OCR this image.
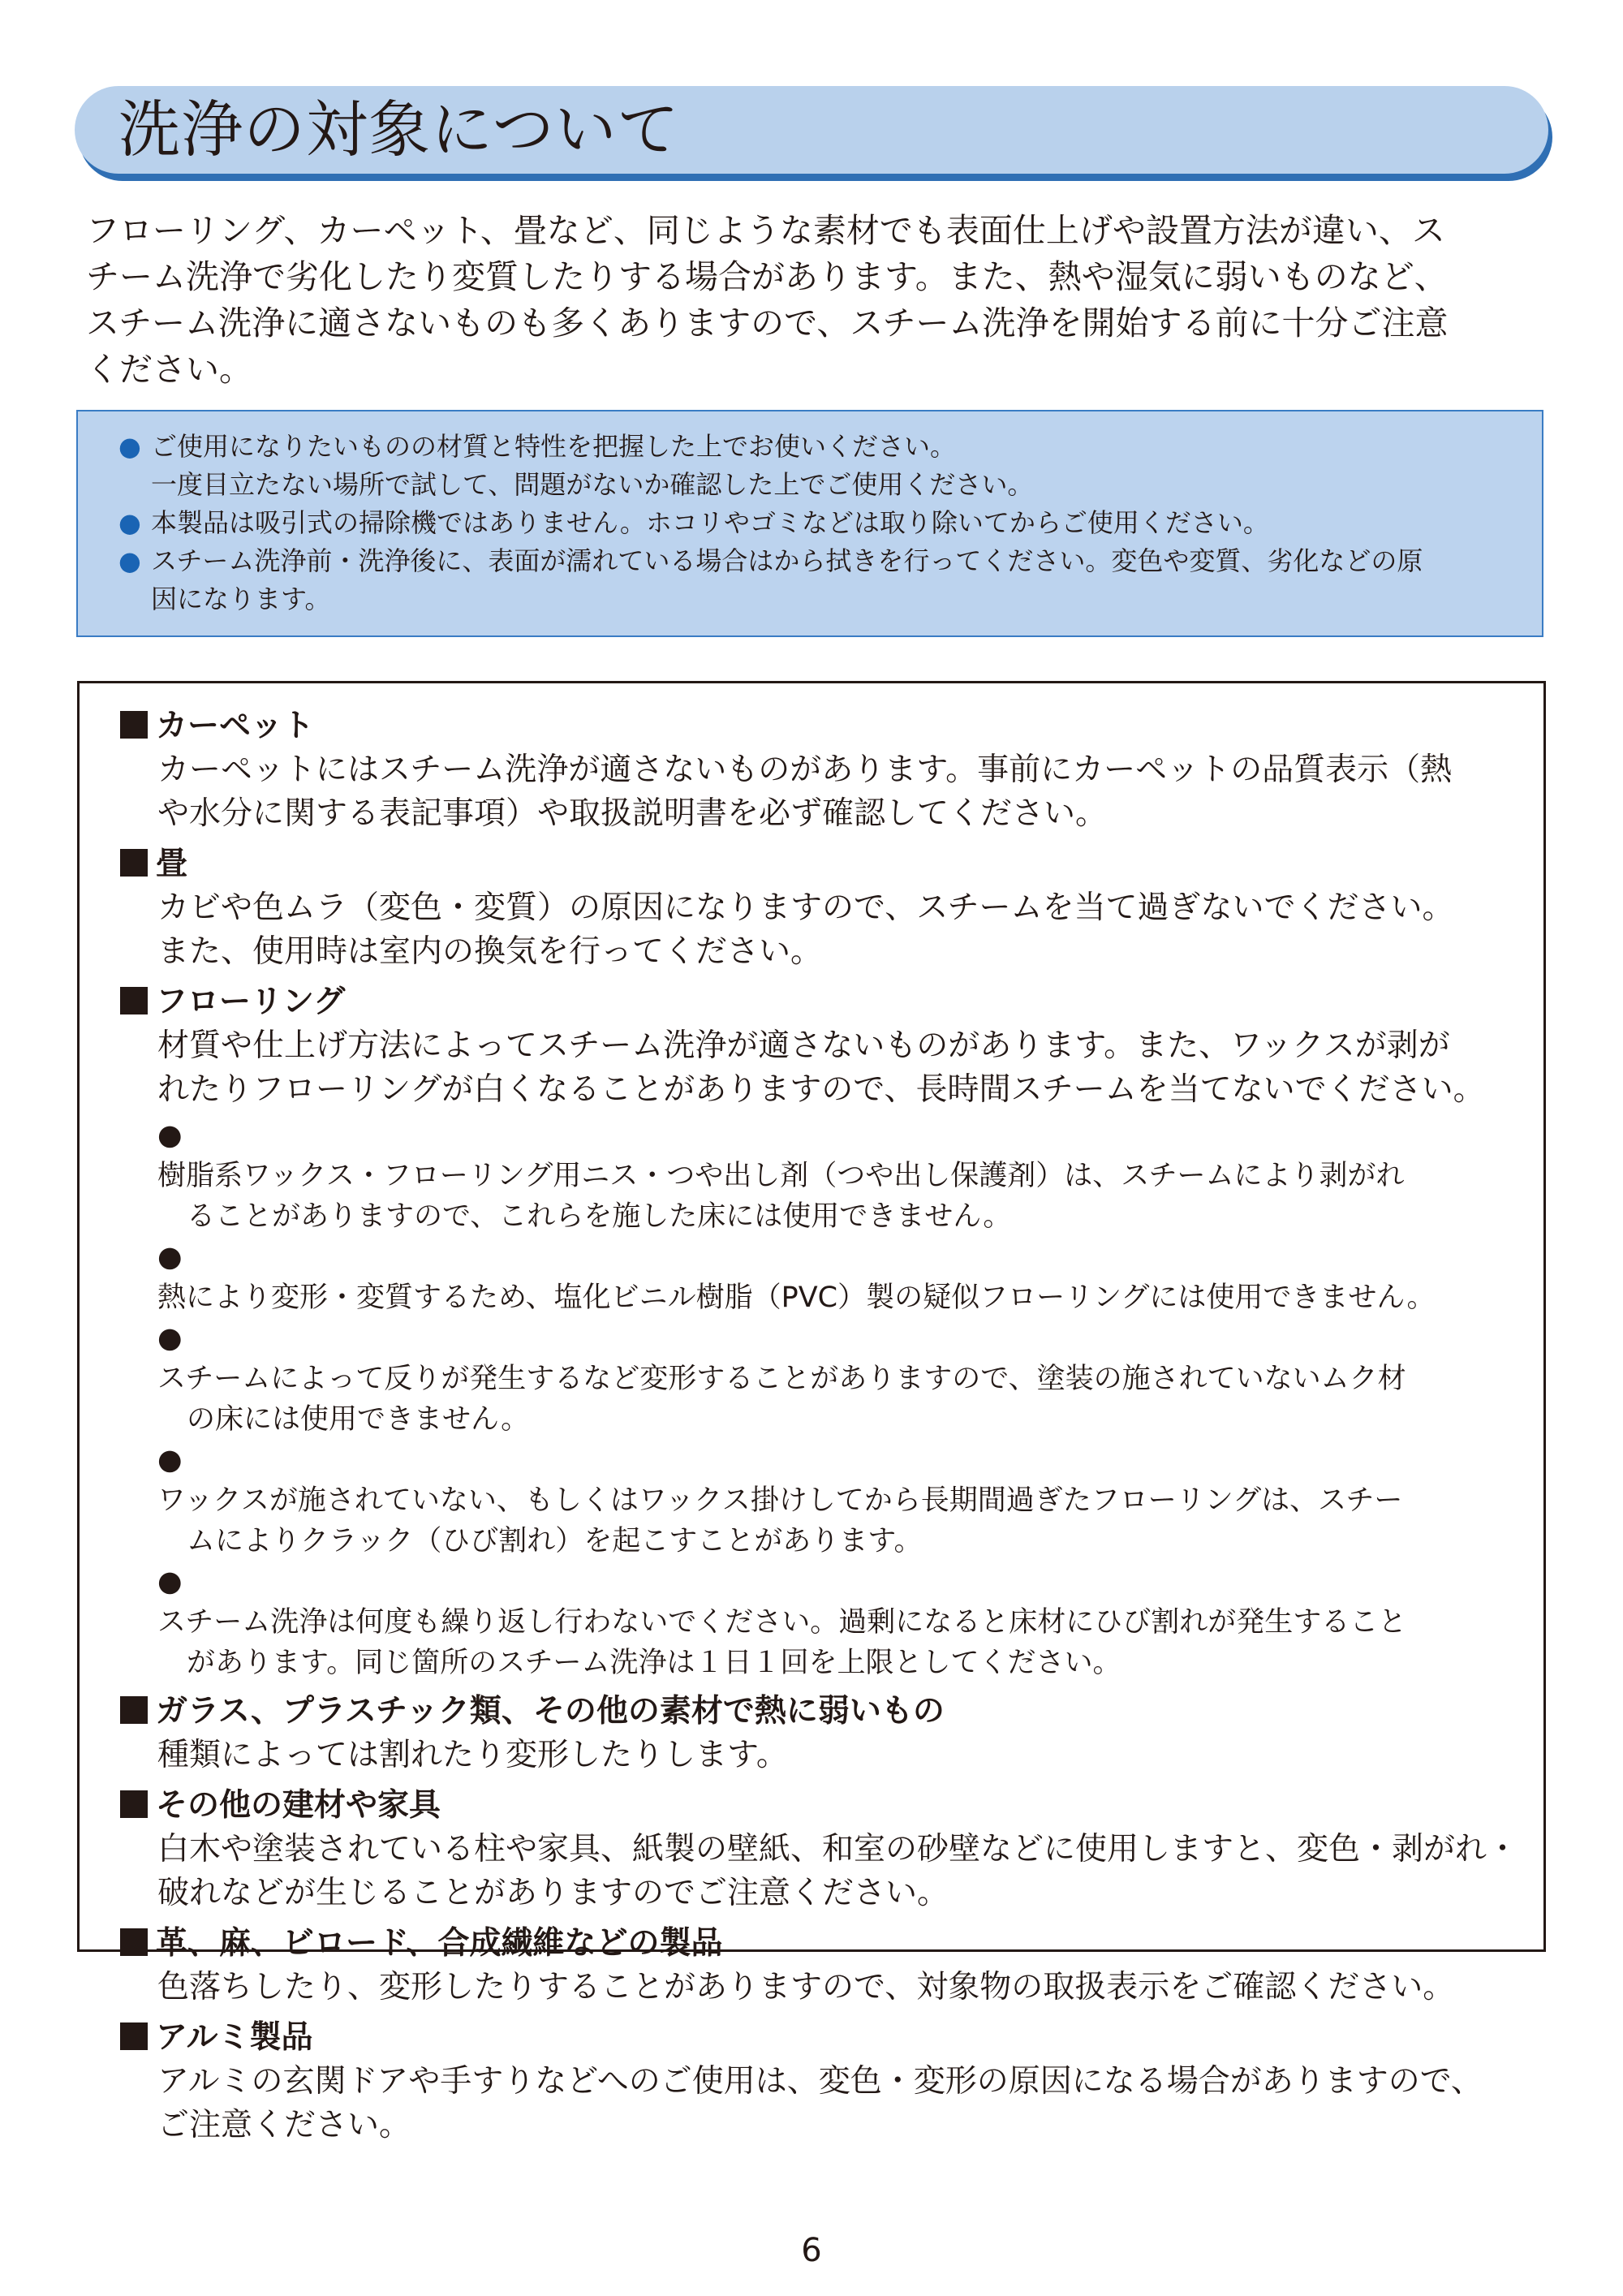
洗浄の対象について
フローリング、カーペット、畳など、同じような素材でも表面仕上げや設置方法が違い、ス
チーム洗浄で劣化したり変質したりする場合があります。また、熱や湿気に弱いものなど、
スチーム洗浄に適さないものも多くありますので、スチーム洗浄を開始する前に十分ご注意
ください。
● ご使用になりたいものの材質と特性を把握した上でお使いください。
一度目立たない場所で試して、問題がないか確認した上でご使用ください。
● 本製品は吸引式の掃除機ではありません。ホコリやゴミなどは取り除いてからご使用ください。
● スチーム洗浄前・洗浄後に、表面が濡れている場合はから拭きを行ってください。変色や変質、劣化などの原
因になります。
カーペット
カーペットにはスチーム洗浄が適さないものがあります。事前にカーペットの品質表示（熱
や水分に関する表記事項）や取扱説明書を必ず確認してください。
畳
カビや色ムラ（変色・変質）の原因になりますので、スチームを当て過ぎないでください。
また、使用時は室内の換気を行ってください。
フローリング
材質や仕上げ方法によってスチーム洗浄が適さないものがあります。また、ワックスが剥が
れたりフローリングが白くなることがありますので、長時間スチームを当てないでください。
●
樹脂系ワックス・フローリング用ニス・つや出し剤（つや出し保護剤）は、スチームにより剥がれ
ることがありますので、これらを施した床には使用できません。
●
熱により変形・変質するため、塩化ビニル樹脂（PVC）製の疑似フローリングには使用できません。
●
スチームによって反りが発生するなど変形することがありますので、塗装の施されていないムク材
の床には使用できません。
●
ワックスが施されていない、もしくはワックス掛けしてから長期間過ぎたフローリングは、スチー
ムによりクラック（ひび割れ）を起こすことがあります。
●
スチーム洗浄は何度も繰り返し行わないでください。過剰になると床材にひび割れが発生すること
があります。同じ箇所のスチーム洗浄は１日１回を上限としてください。
ガラス、プラスチック類、その他の素材で熱に弱いもの
種類によっては割れたり変形したりします。
その他の建材や家具
白木や塗装されている柱や家具、紙製の壁紙、和室の砂壁などに使用しますと、変色・剥がれ・
破れなどが生じることがありますのでご注意ください。
革、麻、ビロード、合成繊維などの製品
色落ちしたり、変形したりすることがありますので、対象物の取扱表示をご確認ください。
アルミ製品
アルミの玄関ドアや手すりなどへのご使用は、変色・変形の原因になる場合がありますので、
ご注意ください。
6
